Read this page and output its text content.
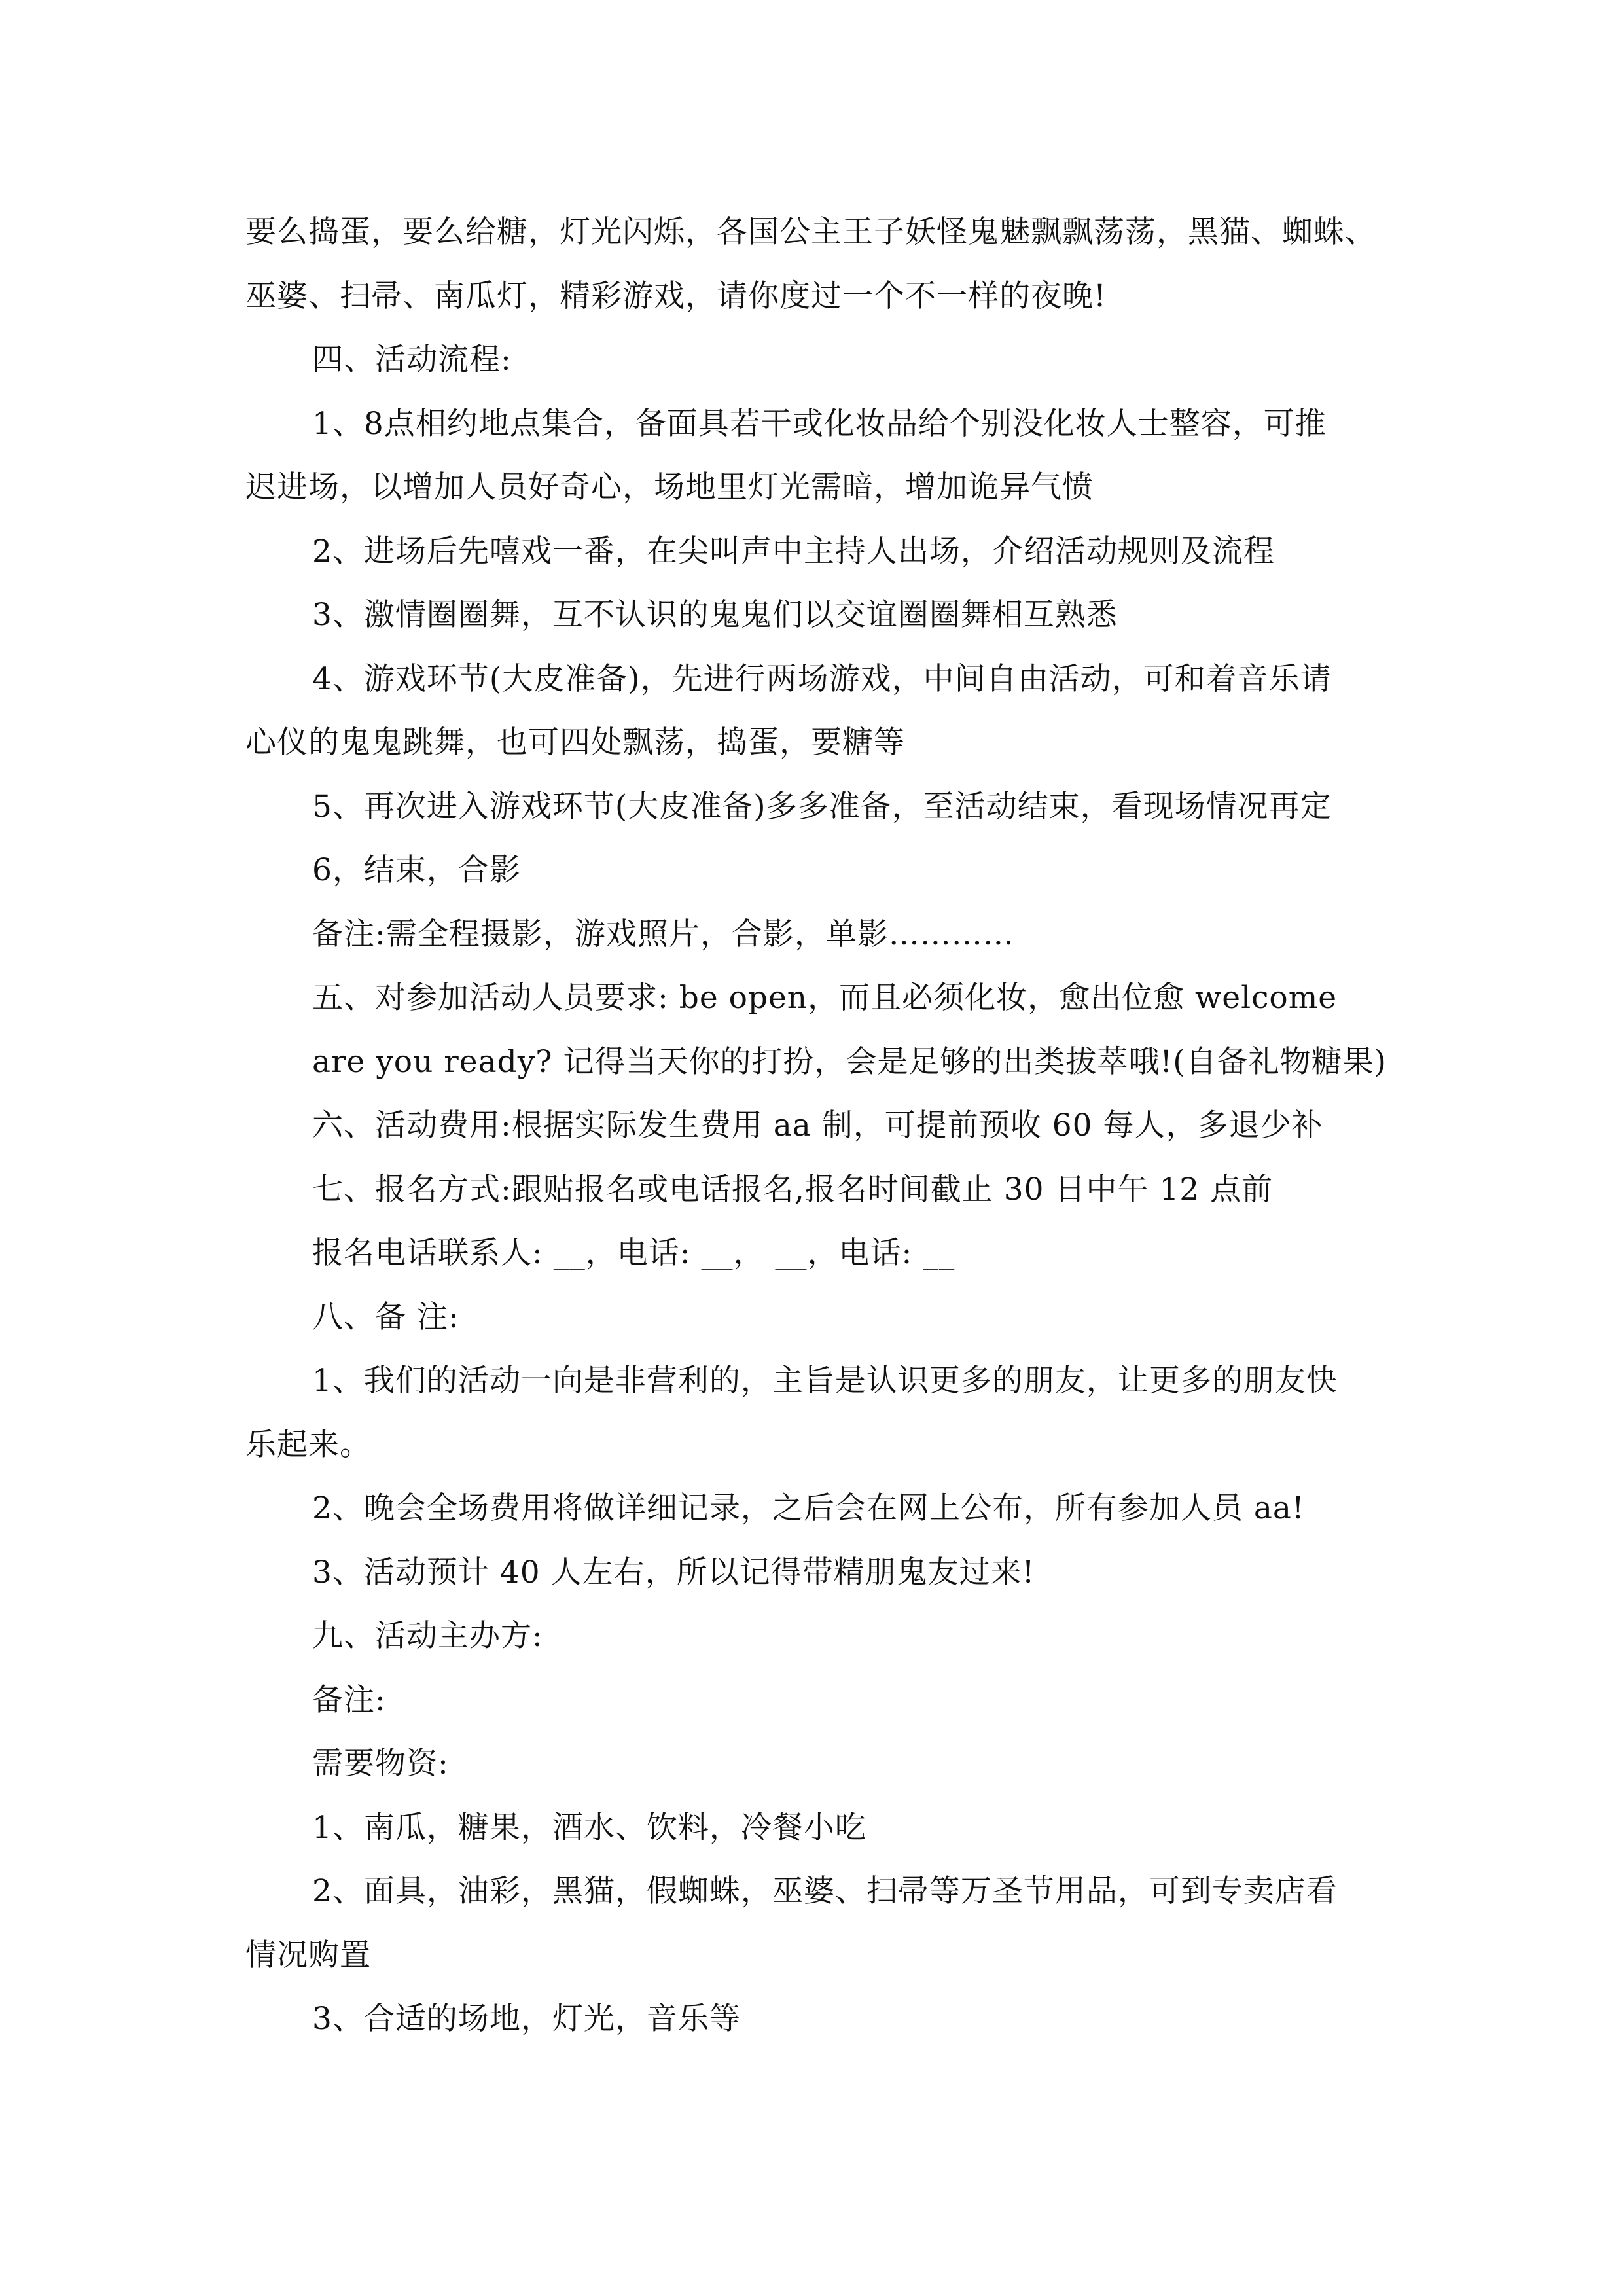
要么捣蛋，要么给糖，灯光闪烁，各国公主王子妖怪鬼魅飘飘荡荡，黑猫、蜘蛛、

巫婆、扫帚、南瓜灯，精彩游戏，请你度过一个不一样的夜晚!

四、活动流程:

1、8点相约地点集合，备面具若干或化妆品给个别没化妆人士整容，可推

迟进场，以增加人员好奇心，场地里灯光需暗，增加诡异气愤

2、进场后先嘻戏一番，在尖叫声中主持人出场，介绍活动规则及流程

3、激情圈圈舞，互不认识的鬼鬼们以交谊圈圈舞相互熟悉

4、游戏环节(大皮准备)，先进行两场游戏，中间自由活动，可和着音乐请

心仪的鬼鬼跳舞，也可四处飘荡，捣蛋，要糖等

5、再次进入游戏环节(大皮准备)多多准备，至活动结束，看现场情况再定

6，结束，合影

备注:需全程摄影，游戏照片，合影，单影…………

五、对参加活动人员要求: be open，而且必须化妆，愈出位愈 welcome

are you ready? 记得当天你的打扮，会是足够的出类拔萃哦!(自备礼物糖果)

六、活动费用:根据实际发生费用 aa 制，可提前预收 60 每人，多退少补

七、报名方式:跟贴报名或电话报名,报名时间截止 30 日中午 12 点前

报名电话联系人: __，电话: __， __，电话: __

八、备 注:

1、我们的活动一向是非营利的，主旨是认识更多的朋友，让更多的朋友快

乐起来。

2、晚会全场费用将做详细记录，之后会在网上公布，所有参加人员 aa!

3、活动预计 40 人左右，所以记得带精朋鬼友过来!

九、活动主办方:

备注:

需要物资:

1、南瓜，糖果，酒水、饮料，冷餐小吃

2、面具，油彩，黑猫，假蜘蛛，巫婆、扫帚等万圣节用品，可到专卖店看

情况购置

3、合适的场地，灯光，音乐等
